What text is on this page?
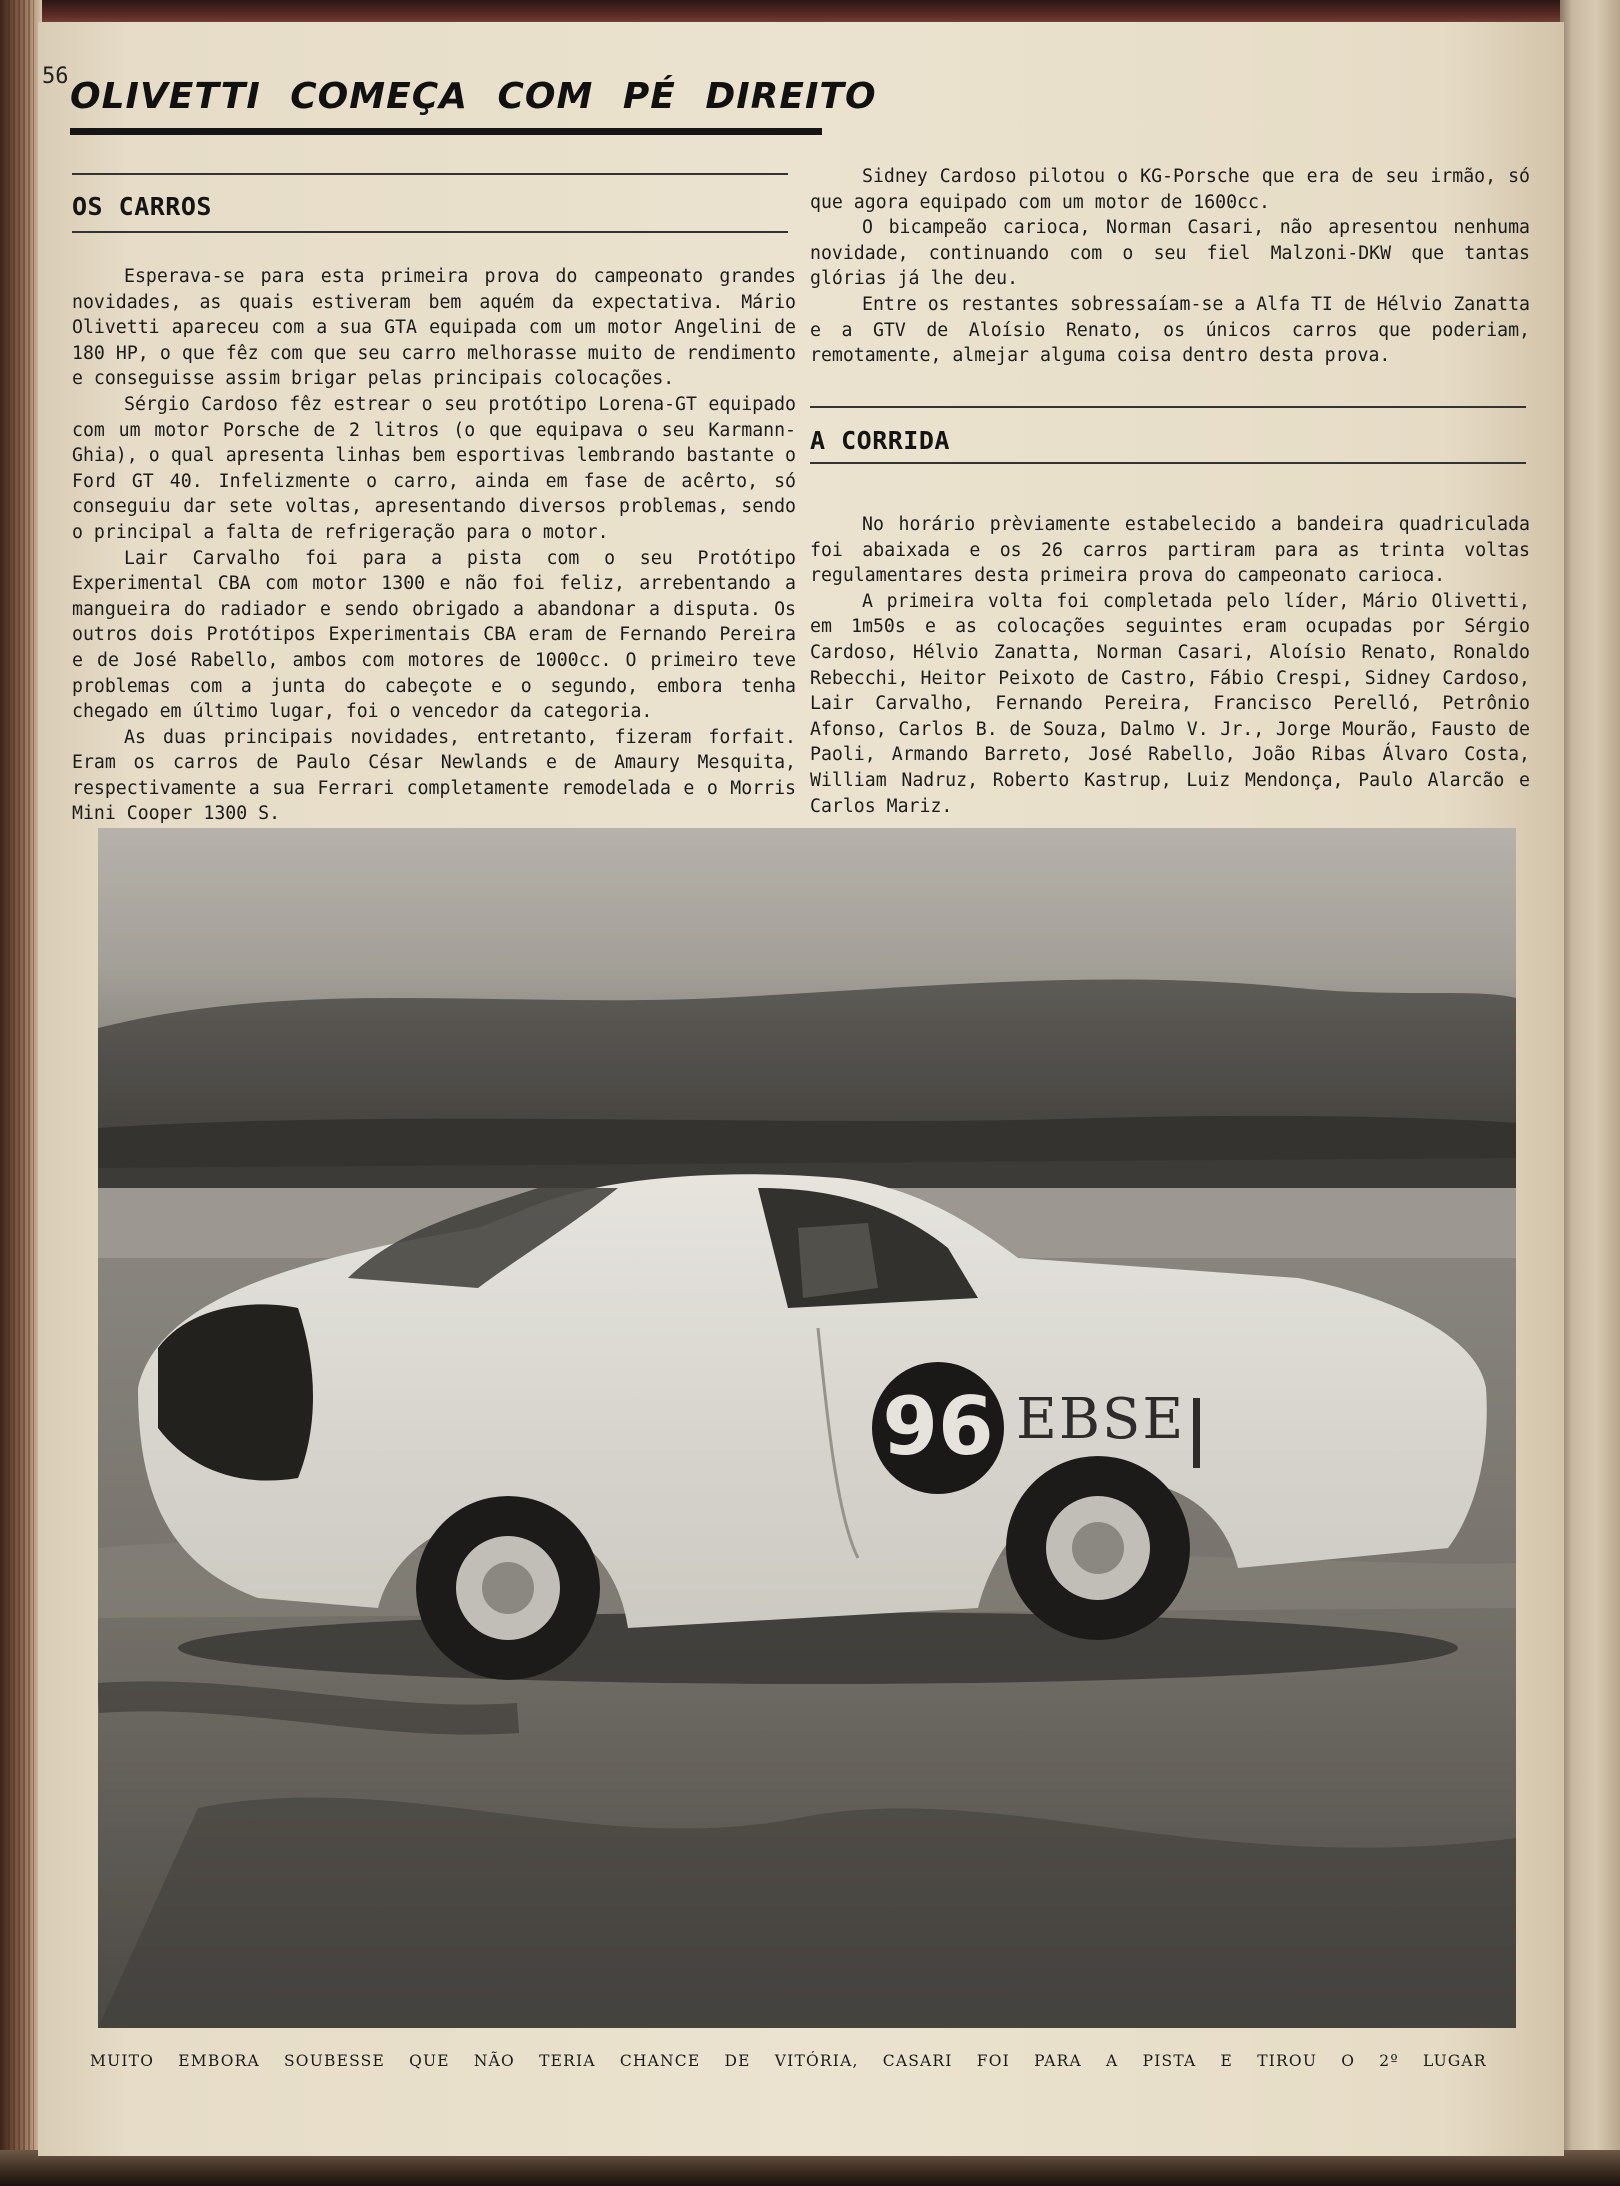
56 OLIVETTI COMEÇA COM PÉ DIREITO
OS CARROS

Esperava-se para esta primeira prova do campeonato grandes novidades, as quais estiveram bem aquém da expectativa. Mário Olivetti apareceu com a sua GTA equipada com um motor Angelini de 180 HP, o que fêz com que seu carro melhorasse muito de rendimento e conseguisse assim brigar pelas principais colocações.

Sérgio Cardoso fêz estrear o seu protótipo Lorena-GT equipado com um motor Porsche de 2 litros (o que equipava o seu Karmann-Ghia), o qual apresenta linhas bem esportivas lembrando bastante o Ford GT 40. Infelizmente o carro, ainda em fase de acêrto, só conseguiu dar sete voltas, apresentando diversos problemas, sendo o principal a falta de refrigeração para o motor.

Lair Carvalho foi para a pista com o seu Protótipo Experimental CBA com motor 1300 e não foi feliz, arrebentando a mangueira do radiador e sendo obrigado a abandonar a disputa. Os outros dois Protótipos Experimentais CBA eram de Fernando Pereira e de José Rabello, ambos com motores de 1000cc. O primeiro teve problemas com a junta do cabeçote e o segundo, embora tenha chegado em último lugar, foi o vencedor da categoria.

As duas principais novidades, entretanto, fizeram forfait. Eram os carros de Paulo César Newlands e de Amaury Mesquita, respectivamente a sua Ferrari completamente remodelada e o Morris Mini Cooper 1300 S.

Sidney Cardoso pilotou o KG-Porsche que era de seu irmão, só que agora equipado com um motor de 1600cc.

O bicampeão carioca, Norman Casari, não apresentou nenhuma novidade, continuando com o seu fiel Malzoni-DKW que tantas glórias já lhe deu.

Entre os restantes sobressaíam-se a Alfa TI de Hélvio Zanatta e a GTV de Aloísio Renato, os únicos carros que poderiam, remotamente, almejar alguma coisa dentro desta prova.

A CORRIDA

No horário prèviamente estabelecido a bandeira quadriculada foi abaixada e os 26 carros partiram para as trinta voltas regulamentares desta primeira prova do campeonato carioca.

A primeira volta foi completada pelo líder, Mário Olivetti, em 1m50s e as colocações seguintes eram ocupadas por Sérgio Cardoso, Hélvio Zanatta, Norman Casari, Aloísio Renato, Ronaldo Rebecchi, Heitor Peixoto de Castro, Fábio Crespi, Sidney Cardoso, Lair Carvalho, Fernando Pereira, Francisco Perelló, Petrônio Afonso, Carlos B. de Souza, Dalmo V. Jr., Jorge Mourão, Fausto de Paoli, Armando Barreto, José Rabello, João Ribas Álvaro Costa, William Nadruz, Roberto Kastrup, Luiz Mendonça, Paulo Alarcão e Carlos Mariz.

96 EBSE
MUITO EMBORA SOUBESSE QUE NÃO TERIA CHANCE DE VITÓRIA, CASARI FOI PARA A PISTA E TIROU O 2º LUGAR
